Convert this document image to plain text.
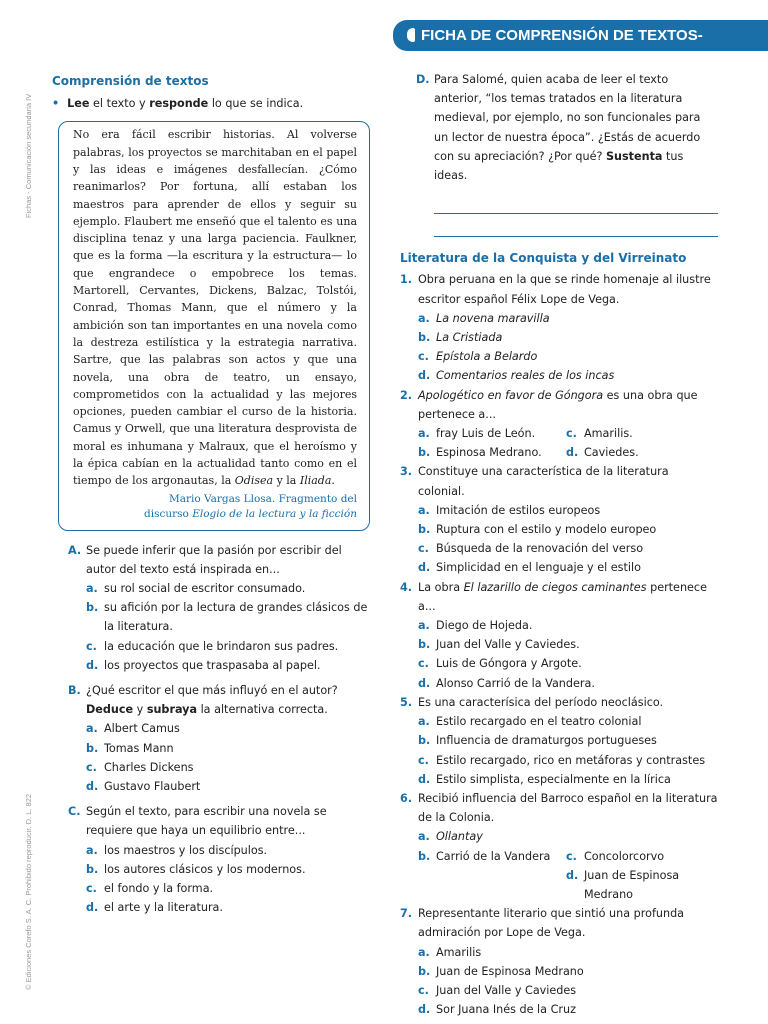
FICHA DE COMPRENSIÓN DE TEXTOS-LITERATURA
Fichas - Comunicación secundaria IV
© Ediciones Corefo S. A. C. Prohibido reproducir. D. L. 822
Comprensión de textos
• Lee el texto y responde lo que se indica.
No era fácil escribir historias. Al volverse palabras, los proyectos se marchitaban en el papel y las ideas e imágenes desfallecían. ¿Cómo reanimarlos? Por fortuna, allí estaban los maestros para aprender de ellos y seguir su ejemplo. Flaubert me enseñó que el talento es una disciplina tenaz y una larga paciencia. Faulkner, que es la forma —la escritura y la estructura— lo que engrandece o empobrece los temas. Martorell, Cervantes, Dickens, Balzac, Tolstói, Conrad, Thomas Mann, que el número y la ambición son tan importantes en una novela como la destreza estilística y la estrategia narrativa. Sartre, que las palabras son actos y que una novela, una obra de teatro, un ensayo, comprometidos con la actualidad y las mejores opciones, pueden cambiar el curso de la historia. Camus y Orwell, que una literatura desprovista de moral es inhumana y Malraux, que el heroísmo y la épica cabían en la actualidad tanto como en el tiempo de los argonautas, la Odisea y la Iliada.
Mario Vargas Llosa. Fragmento del
discurso Elogio de la lectura y la ficción
A. Se puede inferir que la pasión por escribir del autor del texto está inspirada en...
a. su rol social de escritor consumado.
b. su afición por la lectura de grandes clásicos de la literatura.
c. la educación que le brindaron sus padres.
d. los proyectos que traspasaba al papel.
B. ¿Qué escritor el que más influyó en el autor? Deduce y subraya la alternativa correcta.
a. Albert Camus
b. Tomas Mann
c. Charles Dickens
d. Gustavo Flaubert
C. Según el texto, para escribir una novela se requiere que haya un equilibrio entre...
a. los maestros y los discípulos.
b. los autores clásicos y los modernos.
c. el fondo y la forma.
d. el arte y la literatura.
D. Para Salomé, quien acaba de leer el texto anterior, “los temas tratados en la literatura medieval, por ejemplo, no son funcionales para un lector de nuestra época”. ¿Estás de acuerdo con su apreciación? ¿Por qué? Sustenta tus ideas.
Literatura de la Conquista y del Virreinato
1. Obra peruana en la que se rinde homenaje al ilustre escritor español Félix Lope de Vega.
a. La novena maravilla
b. La Cristiada
c. Epístola a Belardo
d. Comentarios reales de los incas
2. Apologético en favor de Góngora es una obra que pertenece a...
a. fray Luis de León.	c. Amarilis.
b. Espinosa Medrano. d. Caviedes.
3. Constituye una característica de la literatura colonial.
a. Imitación de estilos europeos
b. Ruptura con el estilo y modelo europeo
c. Búsqueda de la renovación del verso
d. Simplicidad en el lenguaje y el estilo
4. La obra El lazarillo de ciegos caminantes pertenece a...
a. Diego de Hojeda.
b. Juan del Valle y Caviedes.
c. Luis de Góngora y Argote.
d. Alonso Carrió de la Vandera.
5. Es una caracterísica del período neoclásico.
a. Estilo recargado en el teatro colonial
b. Influencia de dramaturgos portugueses
c. Estilo recargado, rico en metáforas y contrastes
d. Estilo simplista, especialmente en la lírica
6. Recibió influencia del Barroco español en la literatura de la Colonia.
a. Ollantay
b. Carrió de la Vandera c. Concolorcorvo
d. Juan de Espinosa Medrano
7. Representante literario que sintió una profunda admiración por Lope de Vega.
a. Amarilis
b. Juan de Espinosa Medrano
c. Juan del Valle y Caviedes
d. Sor Juana Inés de la Cruz
